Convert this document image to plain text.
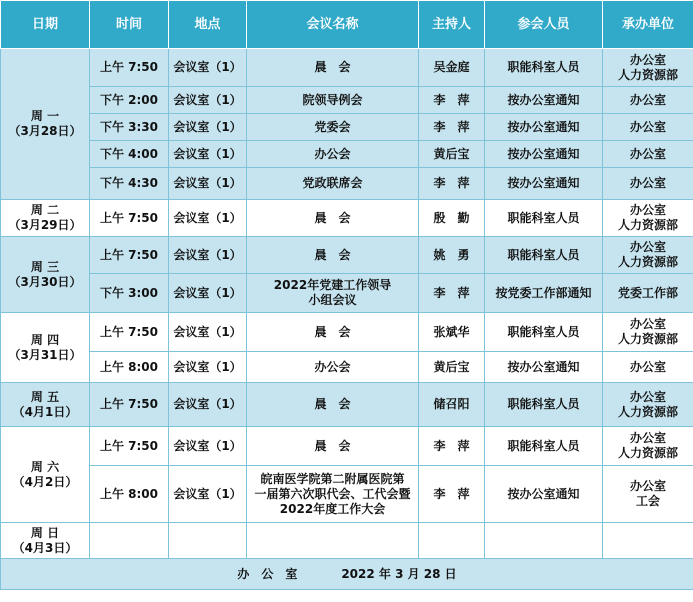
日期	时间	地点	会议名称	主持人	参会人员	承办单位

周 一
（3月28日）	上午 7:50	会议室（1）	晨　会	吴金庭	职能科室人员	办公室
人力资源部
	下午 2:00	会议室（1）	院领导例会	李　萍	按办公室通知	办公室
	下午 3:30	会议室（1）	党委会	李　萍	按办公室通知	办公室
	下午 4:00	会议室（1）	办公会	黄后宝	按办公室通知	办公室
	下午 4:30	会议室（1）	党政联席会	李　萍	按办公室通知	办公室

周 二
（3月29日）	上午 7:50	会议室（1）	晨　会	殷　勤	职能科室人员	办公室
人力资源部

周 三
（3月30日）	上午 7:50	会议室（1）	晨　会	姚　勇	职能科室人员	办公室
人力资源部
	下午 3:00	会议室（1）	2022年党建工作领导
小组会议	李　萍	按党委工作部通知	党委工作部

周 四
（3月31日）	上午 7:50	会议室（1）	晨　会	张斌华	职能科室人员	办公室
人力资源部
	上午 8:00	会议室（1）	办公会	黄后宝	按办公室通知	办公室

周 五
（4月1日）	上午 7:50	会议室（1）	晨　会	储召阳	职能科室人员	办公室
人力资源部

周 六
（4月2日）	上午 7:50	会议室（1）	晨　会	李　萍	职能科室人员	办公室
人力资源部
	上午 8:00	会议室（1）	皖南医学院第二附属医院第
一届第六次职代会、工代会暨
2022年度工作大会	李　萍	按办公室通知	办公室
工会

周 日
（4月3日）						

办　公　室 2022 年 3 月 28 日						
